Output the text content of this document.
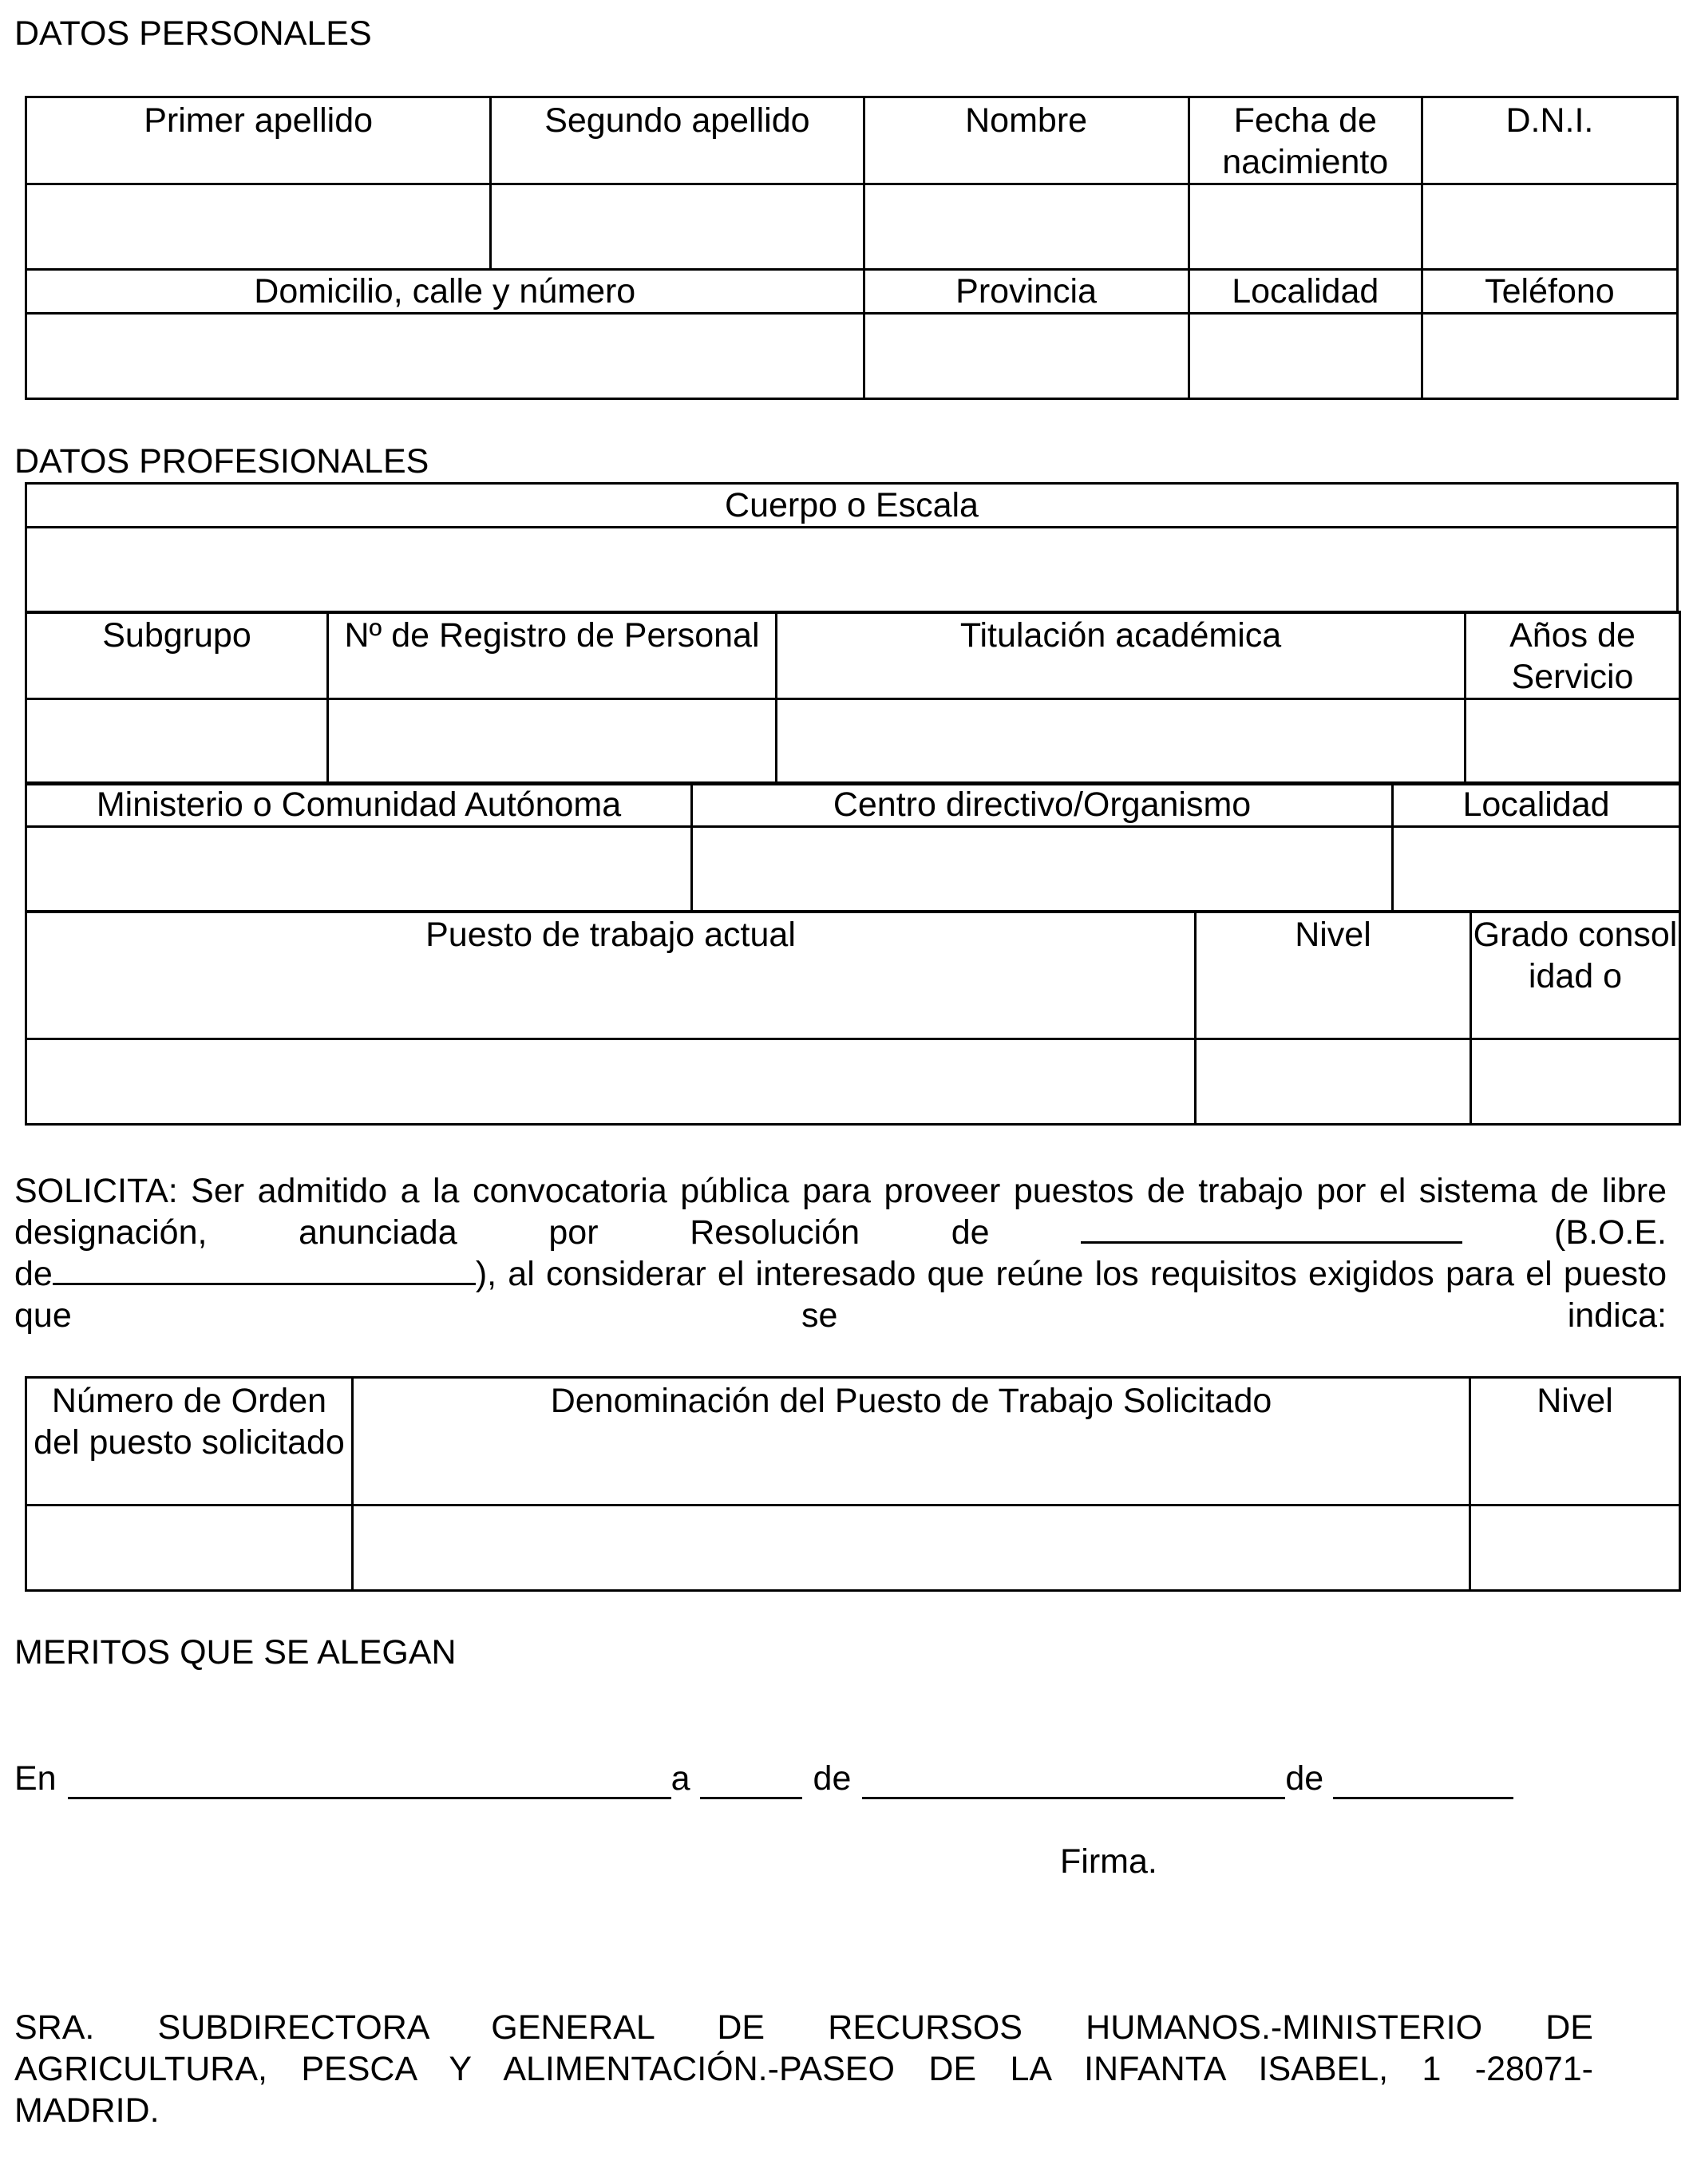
DATOS PERSONALES
Primer apellido	Segundo apellido	Nombre	Fecha de nacimiento	D.N.I.

Domicilio, calle y número		Provincia	Localidad	Teléfono

DATOS PROFESIONALES
Cuerpo o Escala

Subgrupo	Nº de Registro de Personal	Titulación académica	Años de Servicio

Ministerio o Comunidad Autónoma	Centro directivo/Organismo	Localidad

Puesto de trabajo actual	Nivel	Grado consolidad o

SOLICITA: Ser admitido a la convocatoria pública para proveer puestos de trabajo por el sistema de libre designación, anunciada por Resolución de	(B.O.E.
de	), al considerar el interesado que reúne los requisitos exigidos para el puesto que se indica:
Número de Orden del puesto solicitado	Denominación del Puesto de Trabajo Solicitado	Nivel

MERITOS QUE SE ALEGAN
En	a	de	de
Firma.
SRA. SUBDIRECTORA GENERAL DE RECURSOS HUMANOS.-MINISTERIO DE
AGRICULTURA, PESCA Y ALIMENTACIÓN.-PASEO DE LA INFANTA ISABEL, 1 -28071-
MADRID.
